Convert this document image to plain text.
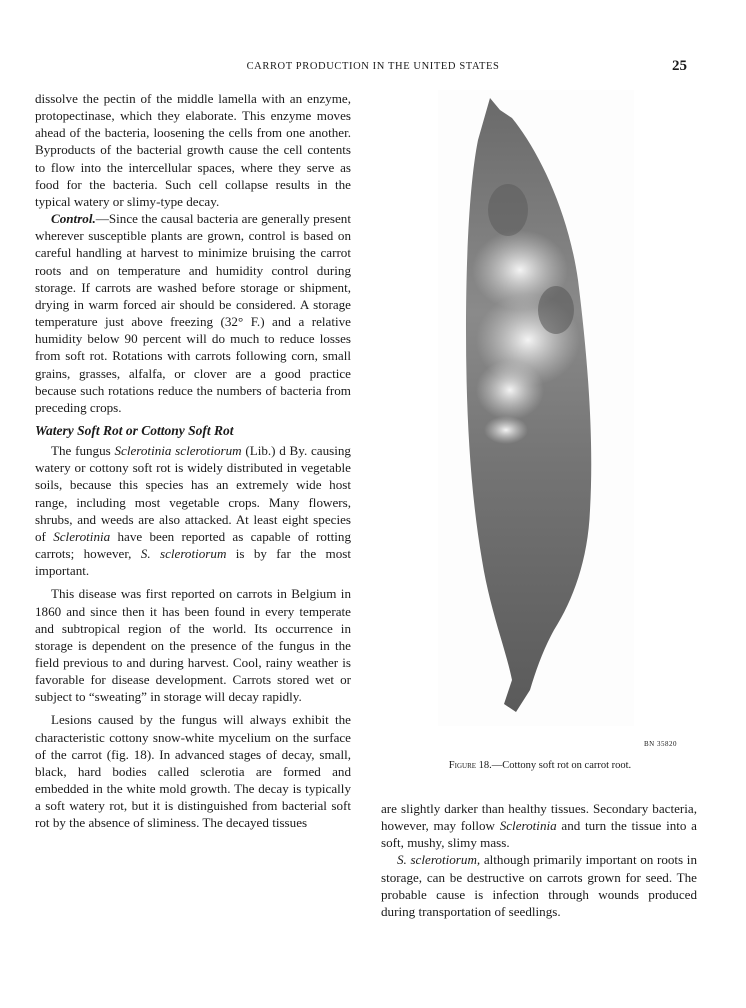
CARROT PRODUCTION IN THE UNITED STATES	25

dissolve the pectin of the middle lamella with an enzyme, protopectinase, which they elaborate. This enzyme moves ahead of the bacteria, loosening the cells from one another. Byproducts of the bacterial growth cause the cell contents to flow into the intercellular spaces, where they serve as food for the bacteria. Such cell collapse results in the typical watery or slimy-type decay.

Control.—Since the causal bacteria are generally present wherever susceptible plants are grown, control is based on careful handling at harvest to minimize bruising the carrot roots and on temperature and humidity control during storage. If carrots are washed before storage or shipment, drying in warm forced air should be considered. A storage temperature just above freezing (32° F.) and a relative humidity below 90 percent will do much to reduce losses from soft rot. Rotations with carrots following corn, small grains, grasses, alfalfa, or clover are a good practice because such rotations reduce the numbers of bacteria from preceding crops.

Watery Soft Rot or Cottony Soft Rot

The fungus Sclerotinia sclerotiorum (Lib.) d By. causing watery or cottony soft rot is widely distributed in vegetable soils, because this species has an extremely wide host range, including most vegetable crops. Many flowers, shrubs, and weeds are also attacked. At least eight species of Sclerotinia have been reported as capable of rotting carrots; however, S. sclerotiorum is by far the most important.

This disease was first reported on carrots in Belgium in 1860 and since then it has been found in every temperate and subtropical region of the world. Its occurrence in storage is dependent on the presence of the fungus in the field previous to and during harvest. Cool, rainy weather is favorable for disease development. Carrots stored wet or subject to “sweating” in storage will decay rapidly.

Lesions caused by the fungus will always exhibit the characteristic cottony snow-white mycelium on the surface of the carrot (fig. 18). In advanced stages of decay, small, black, hard bodies called sclerotia are formed and embedded in the white mold growth. The decay is typically a soft watery rot, but it is distinguished from bacterial soft rot by the absence of sliminess. The decayed tissues

BN 35820
Figure 18.—Cottony soft rot on carrot root.

are slightly darker than healthy tissues. Secondary bacteria, however, may follow Sclerotinia and turn the tissue into a soft, mushy, slimy mass.

S. sclerotiorum, although primarily important on roots in storage, can be destructive on carrots grown for seed. The probable cause is infection through wounds produced during transportation of seedlings.
